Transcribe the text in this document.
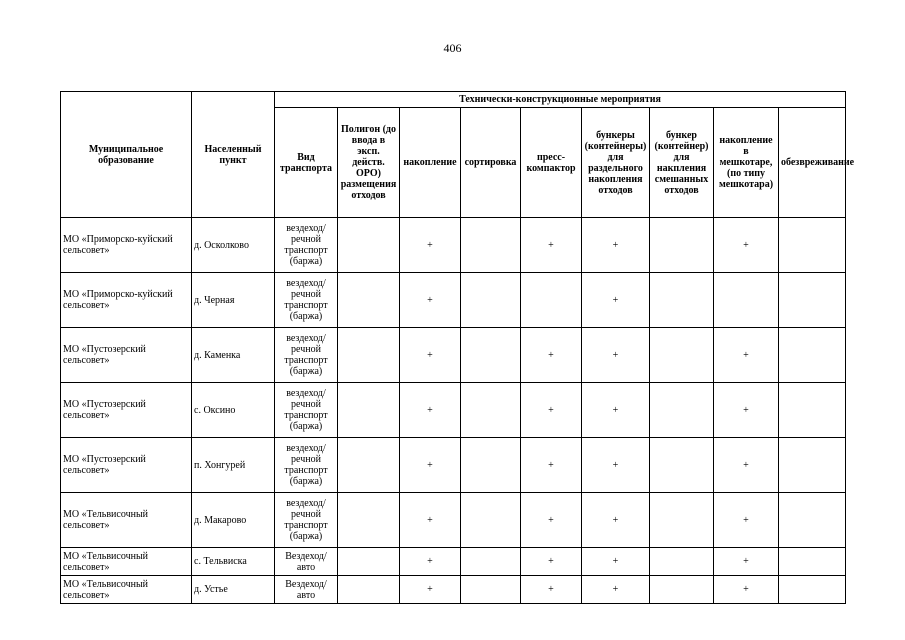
406
Муниципальное образование	Населенный пункт	Технически-конструкционные мероприятия								
		Вид транспорта	Полигон (до ввода в эксп. действ. ОРО) размещения отходов	накопление	сортировка	пресс-компактор	бункеры (контейнеры) для раздельного накопления отходов	бункер (контейнер) для накпления смешанных отходов	накопление в мешкотаре, (по типу мешкотара)	обезвреживание
МО «Приморско-куйский сельсовет»	д. Осколково	вездеход/ речной транспорт (баржа)		+		+	+		+	
МО «Приморско-куйский сельсовет»	д. Черная	вездеход/ речной транспорт (баржа)		+			+			
МО «Пустозерский сельсовет»	д. Каменка	вездеход/ речной транспорт (баржа)		+		+	+		+	
МО «Пустозерский сельсовет»	с. Оксино	вездеход/ речной транспорт (баржа)		+		+	+		+	
МО «Пустозерский сельсовет»	п. Хонгурей	вездеход/ речной транспорт (баржа)		+		+	+		+	
МО «Тельвисочный сельсовет»	д. Макарово	вездеход/ речной транспорт (баржа)		+		+	+		+	
МО «Тельвисочный сельсовет»	с. Тельвиска	Вездеход/ авто		+		+	+		+	
МО «Тельвисочный сельсовет»	д. Устье	Вездеход/ авто		+		+	+		+	
